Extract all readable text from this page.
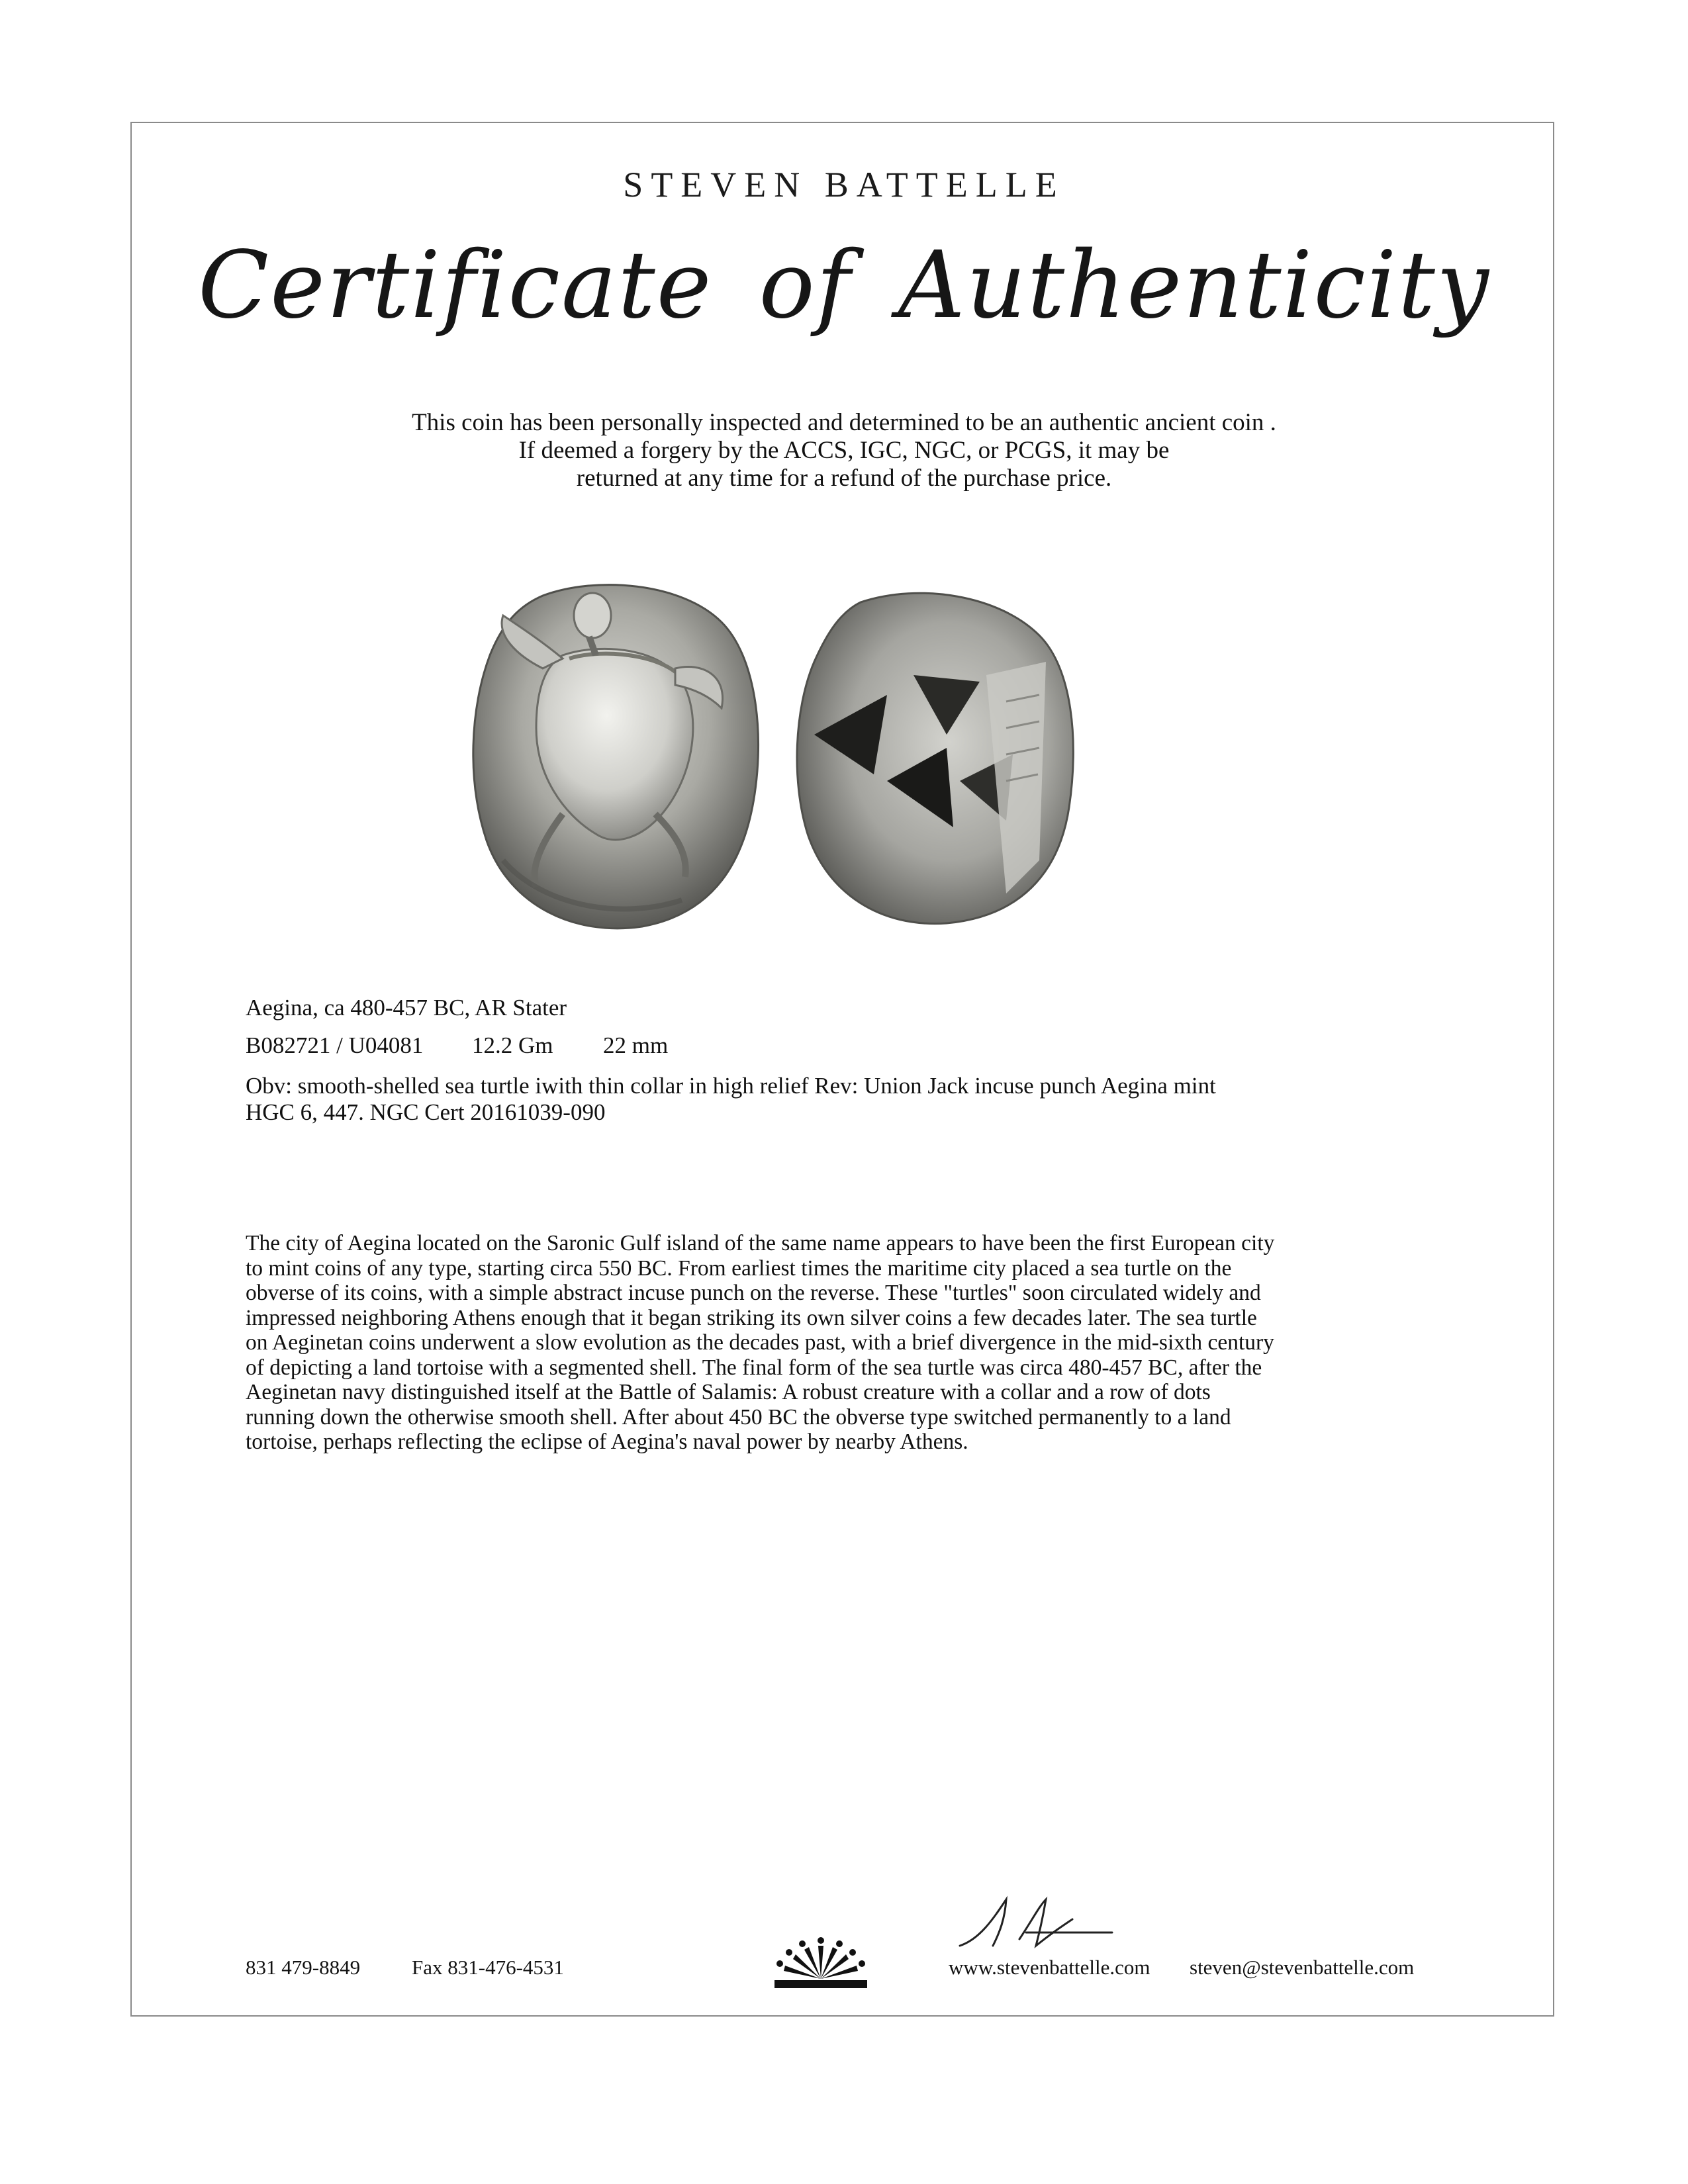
STEVEN BATTELLE
Certificate of Authenticity
This coin has been personally inspected and determined to be an authentic ancient coin .
If deemed a forgery by the ACCS, IGC, NGC, or PCGS, it may be
returned at any time for a refund of the purchase price.
Aegina, ca 480-457 BC, AR Stater
B082721 / U04081 12.2 Gm 22 mm
Obv: smooth-shelled sea turtle iwith thin collar in high relief Rev: Union Jack incuse punch Aegina mint
HGC 6, 447. NGC Cert 20161039-090
The city of Aegina located on the Saronic Gulf island of the same name appears to have been the first European city
to mint coins of any type, starting circa 550 BC. From earliest times the maritime city placed a sea turtle on the
obverse of its coins, with a simple abstract incuse punch on the reverse. These "turtles" soon circulated widely and
impressed neighboring Athens enough that it began striking its own silver coins a few decades later. The sea turtle
on Aeginetan coins underwent a slow evolution as the decades past, with a brief divergence in the mid-sixth century
of depicting a land tortoise with a segmented shell. The final form of the sea turtle was circa 480-457 BC, after the
Aeginetan navy distinguished itself at the Battle of Salamis: A robust creature with a collar and a row of dots
running down the otherwise smooth shell. After about 450 BC the obverse type switched permanently to a land
tortoise, perhaps reflecting the eclipse of Aegina's naval power by nearby Athens.
831 479-8849	Fax 831-476-4531	www.stevenbattelle.com steven@stevenbattelle.com
